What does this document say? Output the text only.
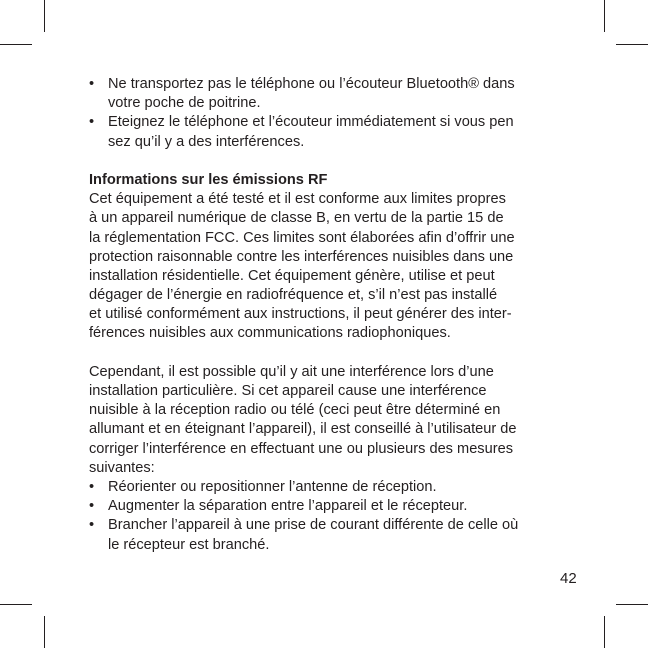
• Ne transportez pas le téléphone ou l’écouteur Bluetooth® dans
votre poche de poitrine.
• Eteignez le téléphone et l’écouteur immédiatement si vous pen
sez qu’il y a des interférences.
Informations sur les émissions RF
Cet équipement a été testé et il est conforme aux limites propres
à un appareil numérique de classe B, en vertu de la partie 15 de
la réglementation FCC. Ces limites sont élaborées afin d’offrir une
protection raisonnable contre les interférences nuisibles dans une
installation résidentielle. Cet équipement génère, utilise et peut
dégager de l’énergie en radiofréquence et, s’il n’est pas installé
et utilisé conformément aux instructions, il peut générer des inter-
férences nuisibles aux communications radiophoniques.
Cependant, il est possible qu’il y ait une interférence lors d’une
installation particulière. Si cet appareil cause une interférence
nuisible à la réception radio ou télé (ceci peut être déterminé en
allumant et en éteignant l’appareil), il est conseillé à l’utilisateur de
corriger l’interférence en effectuant une ou plusieurs des mesures
suivantes:
• Réorienter ou repositionner l’antenne de réception.
• Augmenter la séparation entre l’appareil et le récepteur.
• Brancher l’appareil à une prise de courant différente de celle où
le récepteur est branché.
42
